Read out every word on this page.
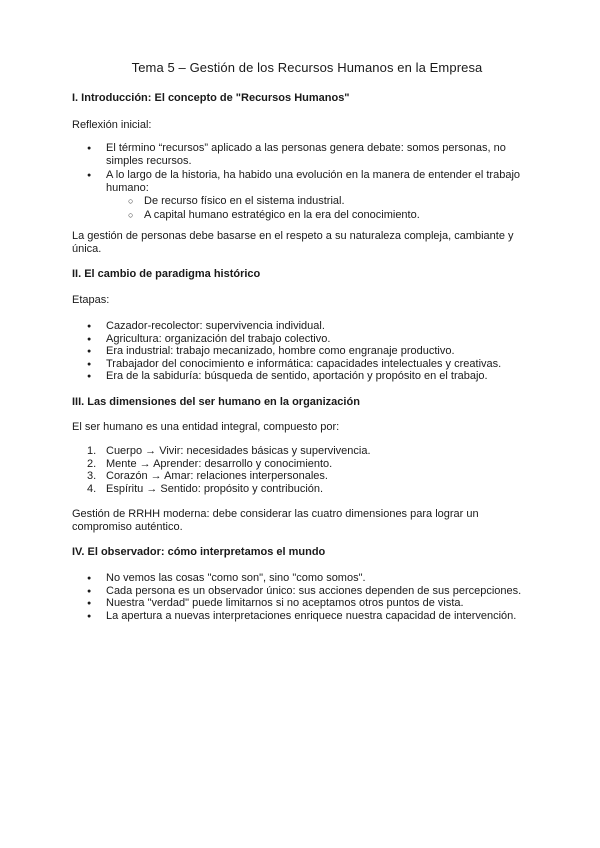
Tema 5 – Gestión de los Recursos Humanos en la Empresa
I. Introducción: El concepto de "Recursos Humanos"

Reflexión inicial:

●
El término “recursos” aplicado a las personas genera debate: somos personas, no simples recursos.
●
A lo largo de la historia, ha habido una evolución en la manera de entender el trabajo humano:
○
De recurso físico en el sistema industrial.
○
A capital humano estratégico en la era del conocimiento.

La gestión de personas debe basarse en el respeto a su naturaleza compleja, cambiante y única.

II. El cambio de paradigma histórico

Etapas:

●
Cazador-recolector: supervivencia individual.
●
Agricultura: organización del trabajo colectivo.
●
Era industrial: trabajo mecanizado, hombre como engranaje productivo.
●
Trabajador del conocimiento e informática: capacidades intelectuales y creativas.
●
Era de la sabiduría: búsqueda de sentido, aportación y propósito en el trabajo.
III. Las dimensiones del ser humano en la organización

El ser humano es una entidad integral, compuesto por:

1. Cuerpo → Vivir: necesidades básicas y supervivencia.
2. Mente → Aprender: desarrollo y conocimiento.
3. Corazón → Amar: relaciones interpersonales.
4. Espíritu → Sentido: propósito y contribución.

Gestión de RRHH moderna: debe considerar las cuatro dimensiones para lograr un compromiso auténtico.

IV. El observador: cómo interpretamos el mundo
●
No vemos las cosas "como son", sino "como somos".
●
Cada persona es un observador único: sus acciones dependen de sus percepciones.
●
Nuestra "verdad" puede limitarnos si no aceptamos otros puntos de vista.
●
La apertura a nuevas interpretaciones enriquece nuestra capacidad de intervención.
